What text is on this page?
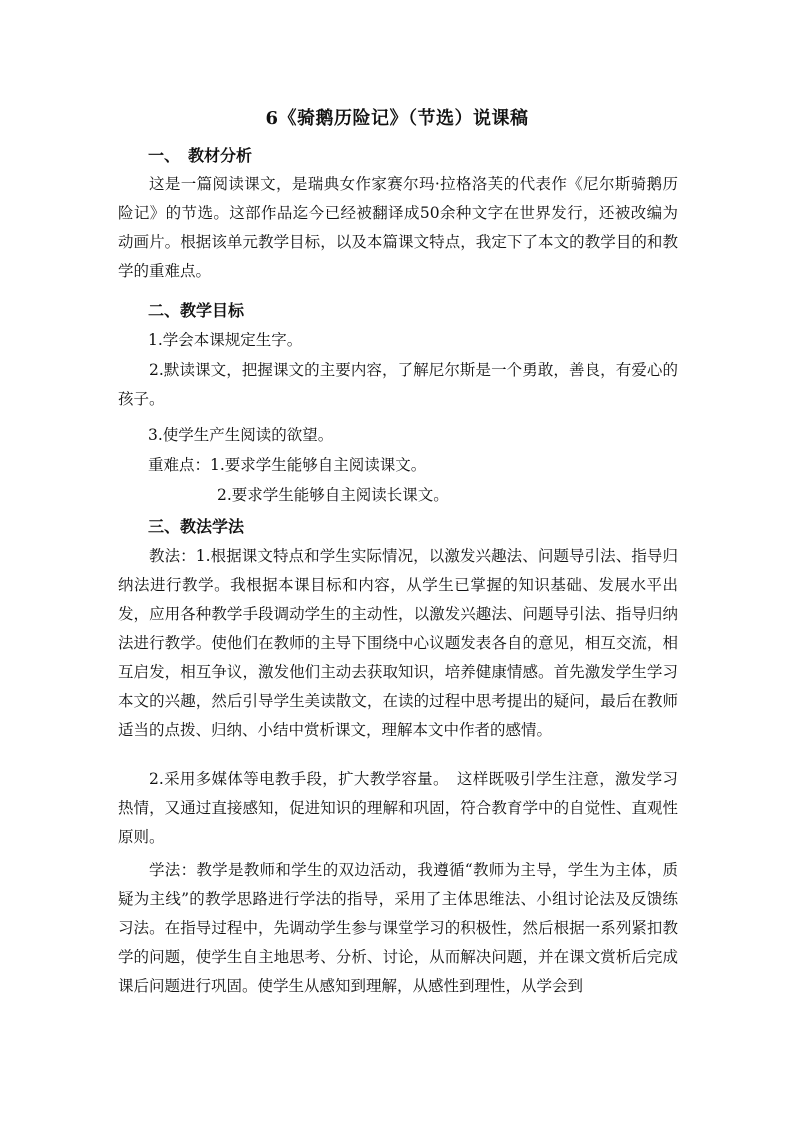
6《骑鹅历险记》（节选）说课稿
一、　教材分析
这是一篇阅读课文，是瑞典女作家赛尔玛·拉格洛芙的代表作《尼尔斯骑鹅历险记》的节选。这部作品迄今已经被翻译成50余种文字在世界发行，还被改编为动画片。根据该单元教学目标，以及本篇课文特点，我定下了本文的教学目的和教学的重难点。
二、教学目标
1.学会本课规定生字。
2.默读课文，把握课文的主要内容，了解尼尔斯是一个勇敢，善良，有爱心的孩子。
3.使学生产生阅读的欲望。
重难点：1.要求学生能够自主阅读课文。
2.要求学生能够自主阅读长课文。
三、教法学法
教法：1.根据课文特点和学生实际情况，以激发兴趣法、问题导引法、指导归纳法进行教学。我根据本课目标和内容，从学生已掌握的知识基础、发展水平出发，应用各种教学手段调动学生的主动性，以激发兴趣法、问题导引法、指导归纳法进行教学。使他们在教师的主导下围绕中心议题发表各自的意见，相互交流，相互启发，相互争议，激发他们主动去获取知识，培养健康情感。首先激发学生学习本文的兴趣，然后引导学生美读散文，在读的过程中思考提出的疑问，最后在教师适当的点拨、归纳、小结中赏析课文，理解本文中作者的感情。
2.采用多媒体等电教手段，扩大教学容量。　这样既吸引学生注意，激发学习热情，又通过直接感知，促进知识的理解和巩固，符合教育学中的自觉性、直观性原则。
学法：教学是教师和学生的双边活动，我遵循“教师为主导，学生为主体，质疑为主线”的教学思路进行学法的指导，采用了主体思维法、小组讨论法及反馈练习法。在指导过程中，先调动学生参与课堂学习的积极性，然后根据一系列紧扣教学的问题，使学生自主地思考、分析、讨论，从而解决问题，并在课文赏析后完成课后问题进行巩固。使学生从感知到理解，从感性到理性，从学会到
